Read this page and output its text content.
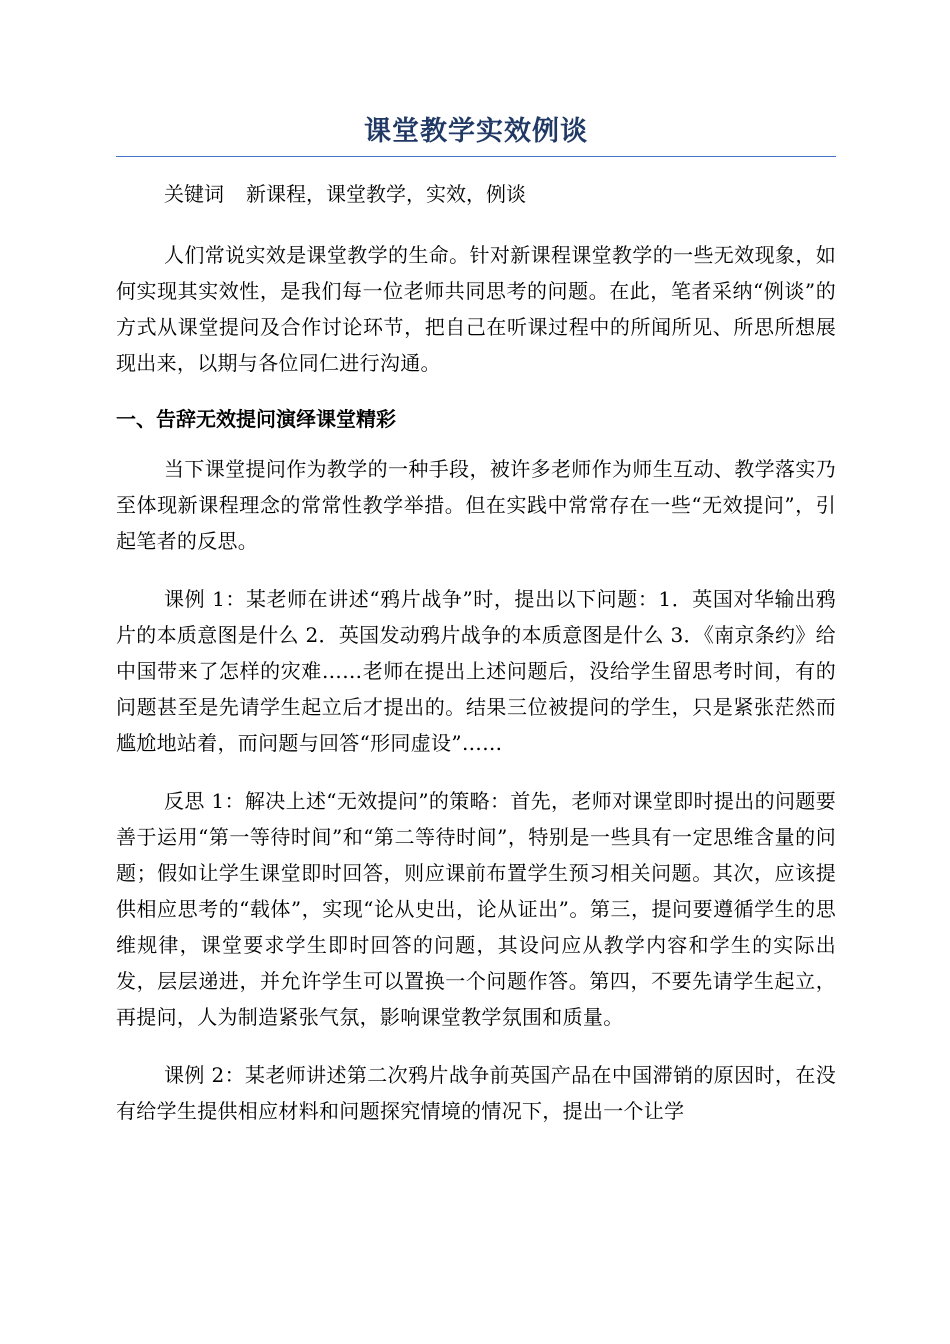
课堂教学实效例谈

关键词 新课程，课堂教学，实效，例谈

人们常说实效是课堂教学的生命。针对新课程课堂教学的一些无效现象，如何实现其实效性，是我们每一位老师共同思考的问题。在此，笔者采纳“例谈”的方式从课堂提问及合作讨论环节，把自己在听课过程中的所闻所见、所思所想展现出来，以期与各位同仁进行沟通。

一、告辞无效提问演绎课堂精彩

当下课堂提问作为教学的一种手段，被许多老师作为师生互动、教学落实乃至体现新课程理念的常常性教学举措。但在实践中常常存在一些“无效提问”，引起笔者的反思。

课例 1：某老师在讲述“鸦片战争”时，提出以下问题：1．英国对华输出鸦片的本质意图是什么 2．英国发动鸦片战争的本质意图是什么 3．《南京条约》给中国带来了怎样的灾难……老师在提出上述问题后，没给学生留思考时间，有的问题甚至是先请学生起立后才提出的。结果三位被提问的学生，只是紧张茫然而尴尬地站着，而问题与回答“形同虚设”……

反思 1：解决上述“无效提问”的策略：首先，老师对课堂即时提出的问题要善于运用“第一等待时间”和“第二等待时间”，特别是一些具有一定思维含量的问题；假如让学生课堂即时回答，则应课前布置学生预习相关问题。其次，应该提供相应思考的“载体”，实现“论从史出，论从证出”。第三，提问要遵循学生的思维规律，课堂要求学生即时回答的问题，其设问应从教学内容和学生的实际出发，层层递进，并允许学生可以置换一个问题作答。第四，不要先请学生起立，再提问，人为制造紧张气氛，影响课堂教学氛围和质量。

课例 2：某老师讲述第二次鸦片战争前英国产品在中国滞销的原因时，在没有给学生提供相应材料和问题探究情境的情况下，提出一个让学
